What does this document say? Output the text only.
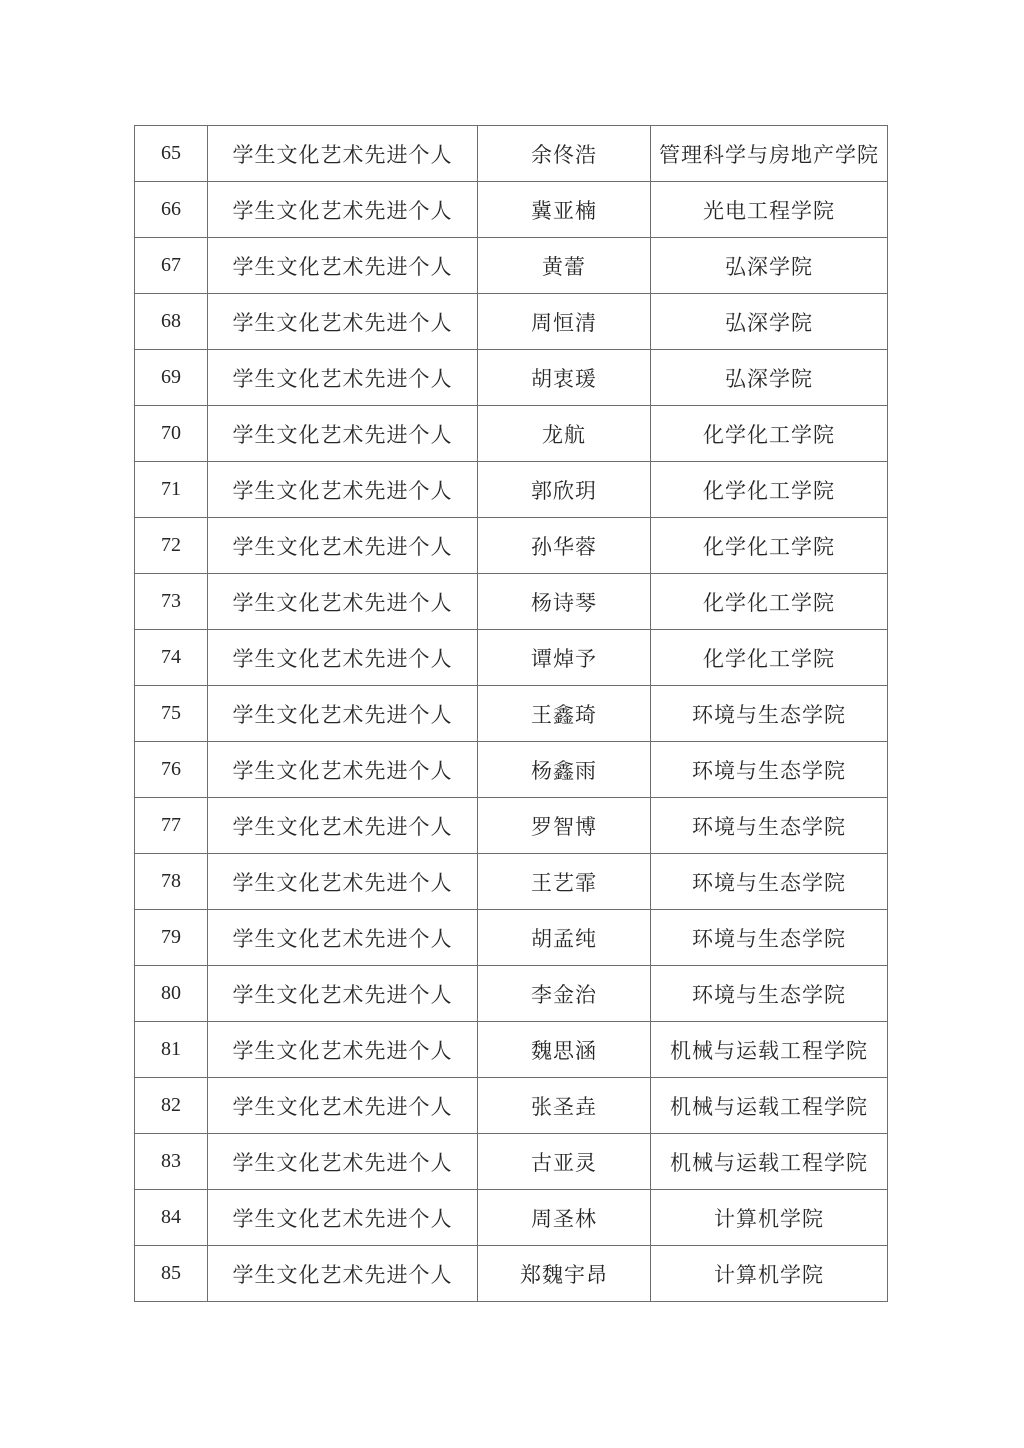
65	学生文化艺术先进个人	余佟浩	管理科学与房地产学院
66	学生文化艺术先进个人	冀亚楠	光电工程学院
67	学生文化艺术先进个人	黄蕾	弘深学院
68	学生文化艺术先进个人	周恒清	弘深学院
69	学生文化艺术先进个人	胡衷瑗	弘深学院
70	学生文化艺术先进个人	龙航	化学化工学院
71	学生文化艺术先进个人	郭欣玥	化学化工学院
72	学生文化艺术先进个人	孙华蓉	化学化工学院
73	学生文化艺术先进个人	杨诗琴	化学化工学院
74	学生文化艺术先进个人	谭焯予	化学化工学院
75	学生文化艺术先进个人	王鑫琦	环境与生态学院
76	学生文化艺术先进个人	杨鑫雨	环境与生态学院
77	学生文化艺术先进个人	罗智博	环境与生态学院
78	学生文化艺术先进个人	王艺霏	环境与生态学院
79	学生文化艺术先进个人	胡孟纯	环境与生态学院
80	学生文化艺术先进个人	李金治	环境与生态学院
81	学生文化艺术先进个人	魏思涵	机械与运载工程学院
82	学生文化艺术先进个人	张圣垚	机械与运载工程学院
83	学生文化艺术先进个人	古亚灵	机械与运载工程学院
84	学生文化艺术先进个人	周圣林	计算机学院
85	学生文化艺术先进个人	郑魏宇昂	计算机学院
